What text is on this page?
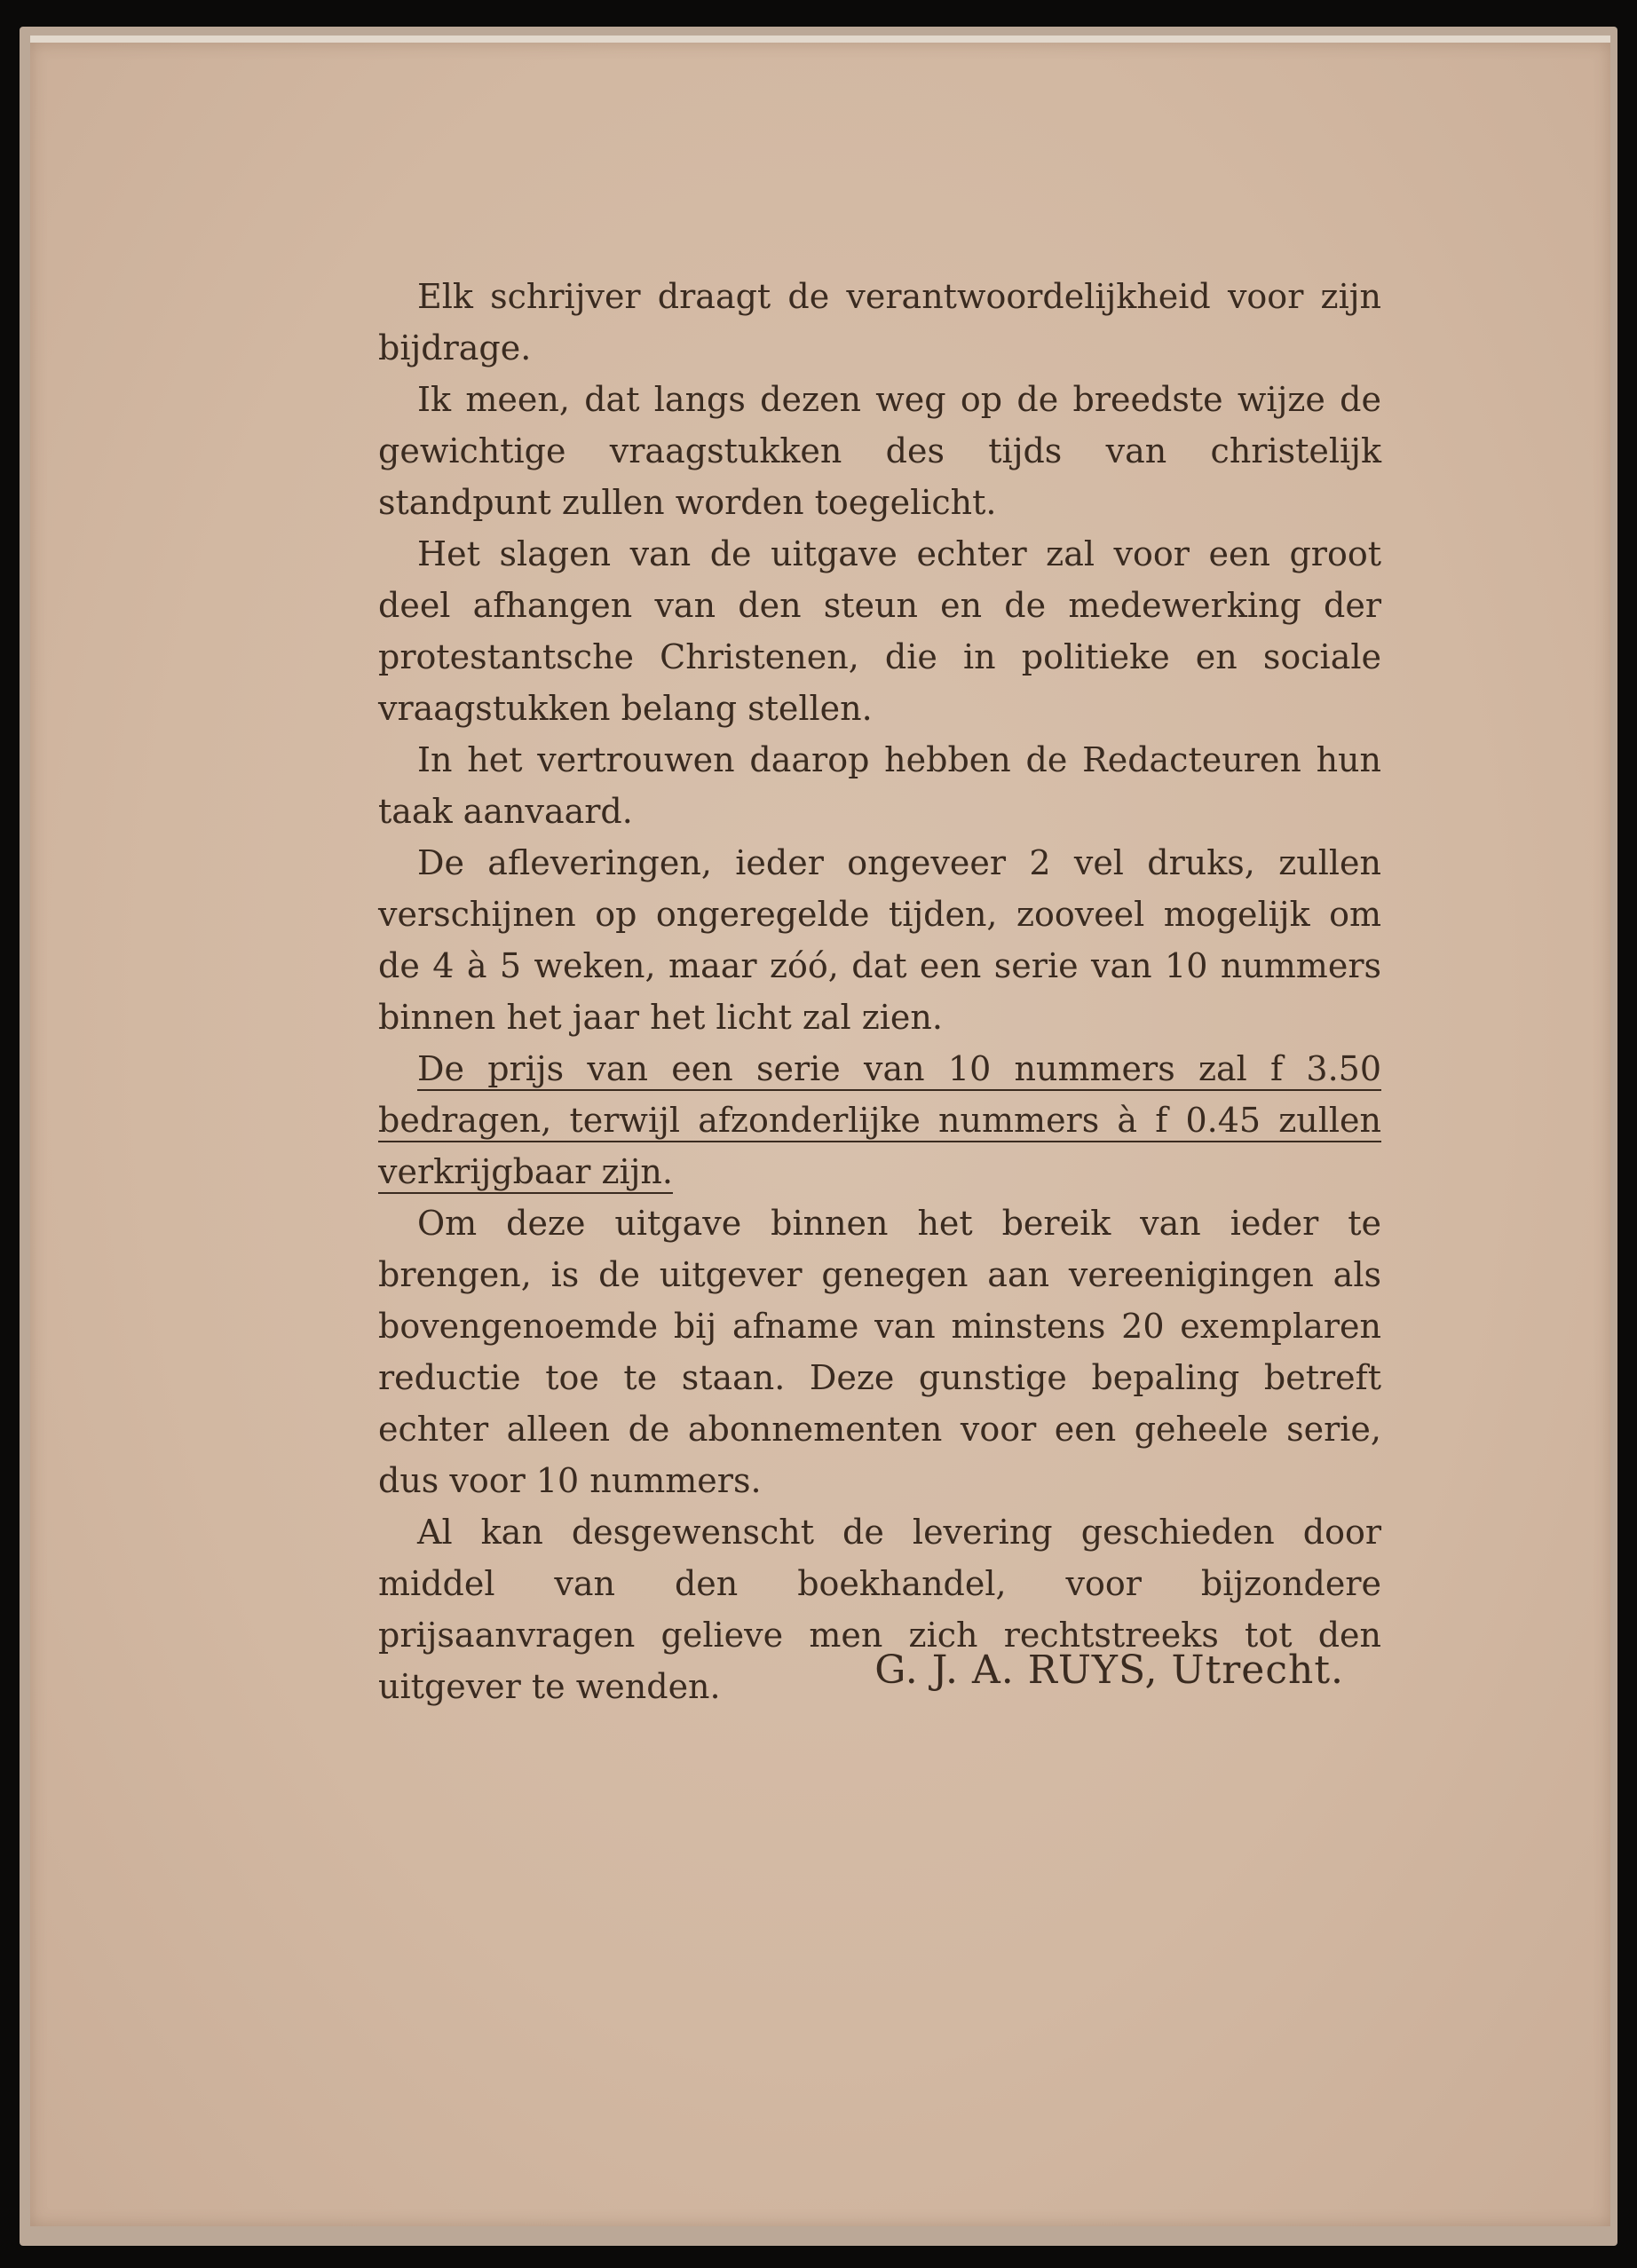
Elk schrijver draagt de verantwoordelijkheid voor zijn bijdrage.

Ik meen, dat langs dezen weg op de breedste wijze de gewichtige vraagstukken des tijds van christelijk standpunt zullen worden toegelicht.

Het slagen van de uitgave echter zal voor een groot deel afhangen van den steun en de medewerking der protestantsche Christenen, die in politieke en sociale vraagstukken belang stellen.

In het vertrouwen daarop hebben de Redacteuren hun taak aanvaard.

De afleveringen, ieder ongeveer 2 vel druks, zullen verschijnen op ongeregelde tijden, zooveel mogelijk om de 4 à 5 weken, maar zóó, dat een serie van 10 nummers binnen het jaar het licht zal zien.

De prijs van een serie van 10 nummers zal f 3.50 bedragen, terwijl afzonderlijke nummers à f 0.45 zullen verkrijgbaar zijn.

Om deze uitgave binnen het bereik van ieder te brengen, is de uitgever genegen aan vereenigingen als bovengenoemde bij afname van minstens 20 exemplaren reductie toe te staan. Deze gunstige bepaling betreft echter alleen de abonnementen voor een geheele serie, dus voor 10 nummers.

Al kan desgewenscht de levering geschieden door middel van den boekhandel, voor bijzondere prijsaanvragen gelieve men zich rechtstreeks tot den uitgever te wenden.	G. J. A. RUYS, Utrecht.
